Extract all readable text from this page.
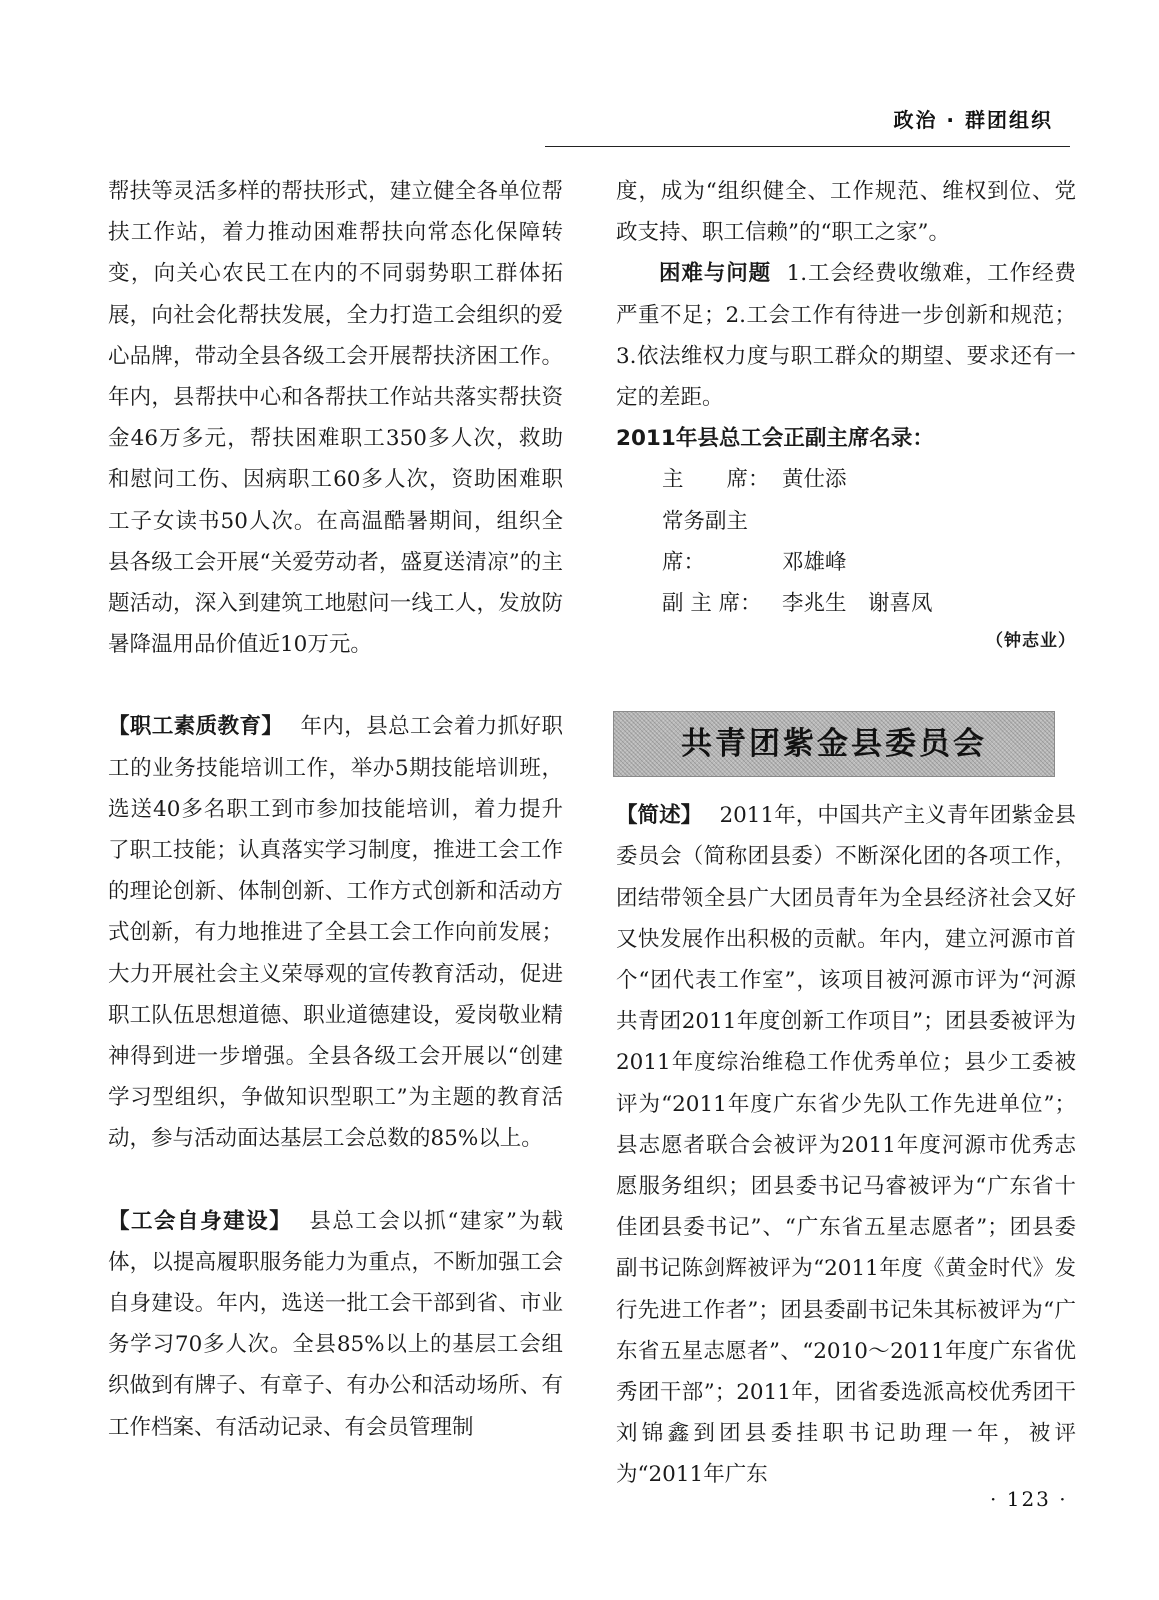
政治 · 群团组织

帮扶等灵活多样的帮扶形式，建立健全各单位帮扶工作站，着力推动困难帮扶向常态化保障转变，向关心农民工在内的不同弱势职工群体拓展，向社会化帮扶发展，全力打造工会组织的爱心品牌，带动全县各级工会开展帮扶济困工作。年内，县帮扶中心和各帮扶工作站共落实帮扶资金46万多元，帮扶困难职工350多人次，救助和慰问工伤、因病职工60多人次，资助困难职工子女读书50人次。在高温酷暑期间，组织全县各级工会开展“关爱劳动者，盛夏送清凉”的主题活动，深入到建筑工地慰问一线工人，发放防暑降温用品价值近10万元。

【职工素质教育】 年内，县总工会着力抓好职工的业务技能培训工作，举办5期技能培训班，选送40多名职工到市参加技能培训，着力提升了职工技能；认真落实学习制度，推进工会工作的理论创新、体制创新、工作方式创新和活动方式创新，有力地推进了全县工会工作向前发展；大力开展社会主义荣辱观的宣传教育活动，促进职工队伍思想道德、职业道德建设，爱岗敬业精神得到进一步增强。全县各级工会开展以“创建学习型组织，争做知识型职工”为主题的教育活动，参与活动面达基层工会总数的85%以上。

【工会自身建设】 县总工会以抓“建家”为载体，以提高履职服务能力为重点，不断加强工会自身建设。年内，选送一批工会干部到省、市业务学习70多人次。全县85%以上的基层工会组织做到有牌子、有章子、有办公和活动场所、有工作档案、有活动记录、有会员管理制

度，成为“组织健全、工作规范、维权到位、党政支持、职工信赖”的“职工之家”。

困难与问题 1.工会经费收缴难，工作经费严重不足；2.工会工作有待进一步创新和规范；3.依法维权力度与职工群众的期望、要求还有一定的差距。

2011年县总工会正副主席名录：

主　　席： 黄仕添

常务副主席：	邓雄峰

副 主 席： 李兆生　谢喜凤

（钟志业）

共青团紫金县委员会

【简述】 2011年，中国共产主义青年团紫金县委员会（简称团县委）不断深化团的各项工作，团结带领全县广大团员青年为全县经济社会又好又快发展作出积极的贡献。年内，建立河源市首个“团代表工作室”，该项目被河源市评为“河源共青团2011年度创新工作项目”；团县委被评为2011年度综治维稳工作优秀单位；县少工委被评为“2011年度广东省少先队工作先进单位”；县志愿者联合会被评为2011年度河源市优秀志愿服务组织；团县委书记马睿被评为“广东省十佳团县委书记”、“广东省五星志愿者”；团县委副书记陈剑辉被评为“2011年度《黄金时代》发行先进工作者”；团县委副书记朱其标被评为“广东省五星志愿者”、“2010～2011年度广东省优秀团干部”；2011年，团省委选派高校优秀团干刘锦鑫到团县委挂职书记助理一年，被评为“2011年广东

· 123 ·
